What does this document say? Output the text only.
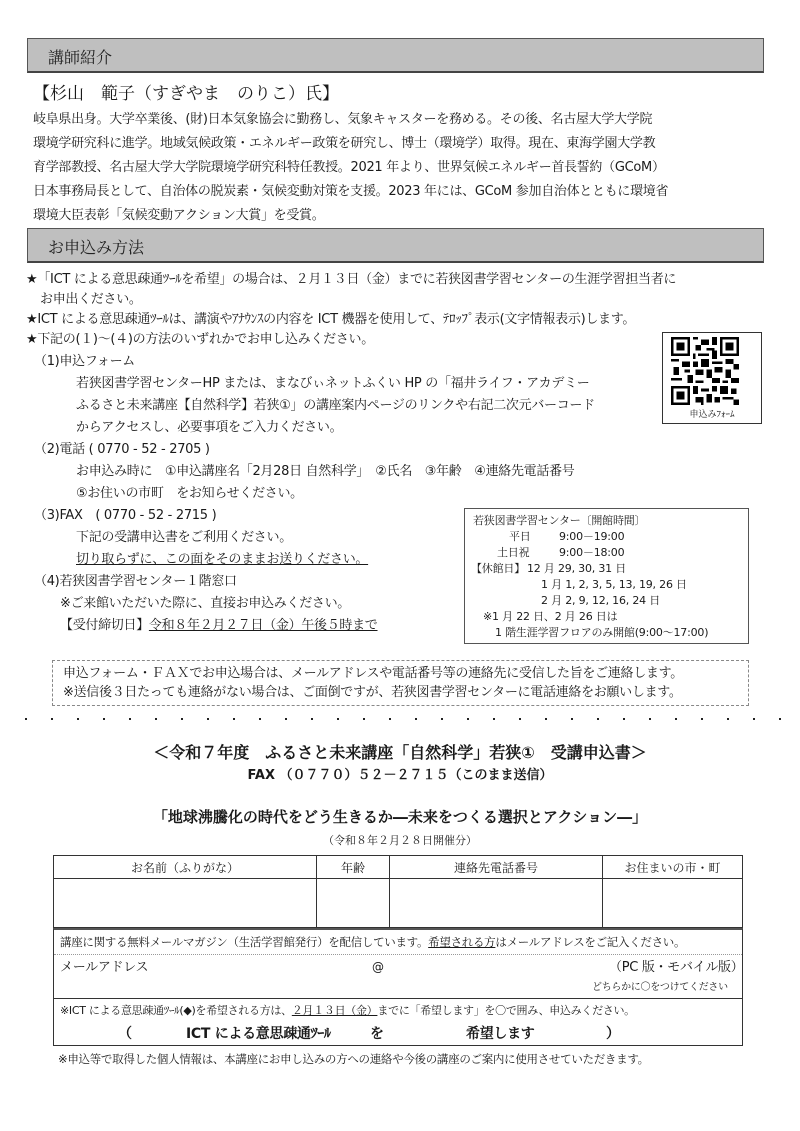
講師紹介
【杉山　範子（すぎやま　のりこ）氏】
岐阜県出身。大学卒業後、(財)日本気象協会に勤務し、気象キャスターを務める。その後、名古屋大学大学院
環境学研究科に進学。地域気候政策・エネルギー政策を研究し、博士（環境学）取得。現在、東海学園大学教
育学部教授、名古屋大学大学院環境学研究科特任教授。2021 年より、世界気候エネルギー首長誓約（GCoM）
日本事務局長として、自治体の脱炭素・気候変動対策を支援。2023 年には、GCoM 参加自治体とともに環境省
環境大臣表彰「気候変動アクション大賞」を受賞。
お申込み方法
★「ICT による意思疎通ﾂｰﾙを希望」の場合は、２月１３日（金）までに若狭図書学習センターの生涯学習担当者に
お申出ください。
★ICT による意思疎通ﾂｰﾙは、講演やｱﾅｳﾝｽの内容を ICT 機器を使用して、ﾃﾛｯﾌﾟ表示(文字情報表示)します。
★下記の(１)～(４)の方法のいずれかでお申し込みください。
（1)申込フォーム
若狭図書学習センターHP または、まなびぃネットふくい HP の「福井ライフ・アカデミー
ふるさと未来講座【自然科学】若狭①」の講座案内ページのリンクや右記二次元バーコード
からアクセスし、必要事項をご入力ください。
申込みﾌｫｰﾑ
（2)電話 ( 0770 - 52 - 2705 )
お申込み時に　①申込講座名「2月28日 自然科学」　②氏名　③年齢　④連絡先電話番号
⑤お住いの市町　をお知らせください。
（3)FAX　( 0770 - 52 - 2715 )
下記の受講申込書をご利用ください。
切り取らずに、この面をそのままお送りください。
（4)若狭図書学習センター１階窓口
※ご来館いただいた際に、直接お申込みください。
【受付締切日】令和８年２月２７日（金）午後５時まで
若狭図書学習センター〔開館時間〕
平日	9:00－19:00
土日祝	9:00－18:00
【休館日】 12 月 29, 30, 31 日
1 月 1, 2, 3, 5, 13, 19, 26 日
2 月 2, 9, 12, 16, 24 日
※1 月 22 日、2 月 26 日は
1 階生涯学習フロアのみ開館(9:00～17:00)
申込フォーム・ＦＡＸでお申込場合は、メールアドレスや電話番号等の連絡先に受信した旨をご連絡します。
※送信後３日たっても連絡がない場合は、ご面倒ですが、若狭図書学習センターに電話連絡をお願いします。
＜令和７年度　ふるさと未来講座「自然科学」若狭①　受講申込書＞
FAX （０７７０）５２－２７１５（このまま送信）
「地球沸騰化の時代をどう生きるか―未来をつくる選択とアクション―」
（令和８年２月２８日開催分）
お名前（ふりがな）	年齢	連絡先電話番号	お住まいの市・町

講座に関する無料メールマガジン（生活学習館発行）を配信しています。希望される方はメールアドレスをご記入ください。
メールアドレス	@	（PC 版・モバイル版）
どちらかに〇をつけてください
※ICT による意思疎通ﾂｰﾙ(◆)を希望される方は、２月１３日（金）までに「希望します」を〇で囲み、申込みください。
（	ICT による意思疎通ﾂｰﾙ	を	希望します	）
※申込等で取得した個人情報は、本講座にお申し込みの方への連絡や今後の講座のご案内に使用させていただきます。
